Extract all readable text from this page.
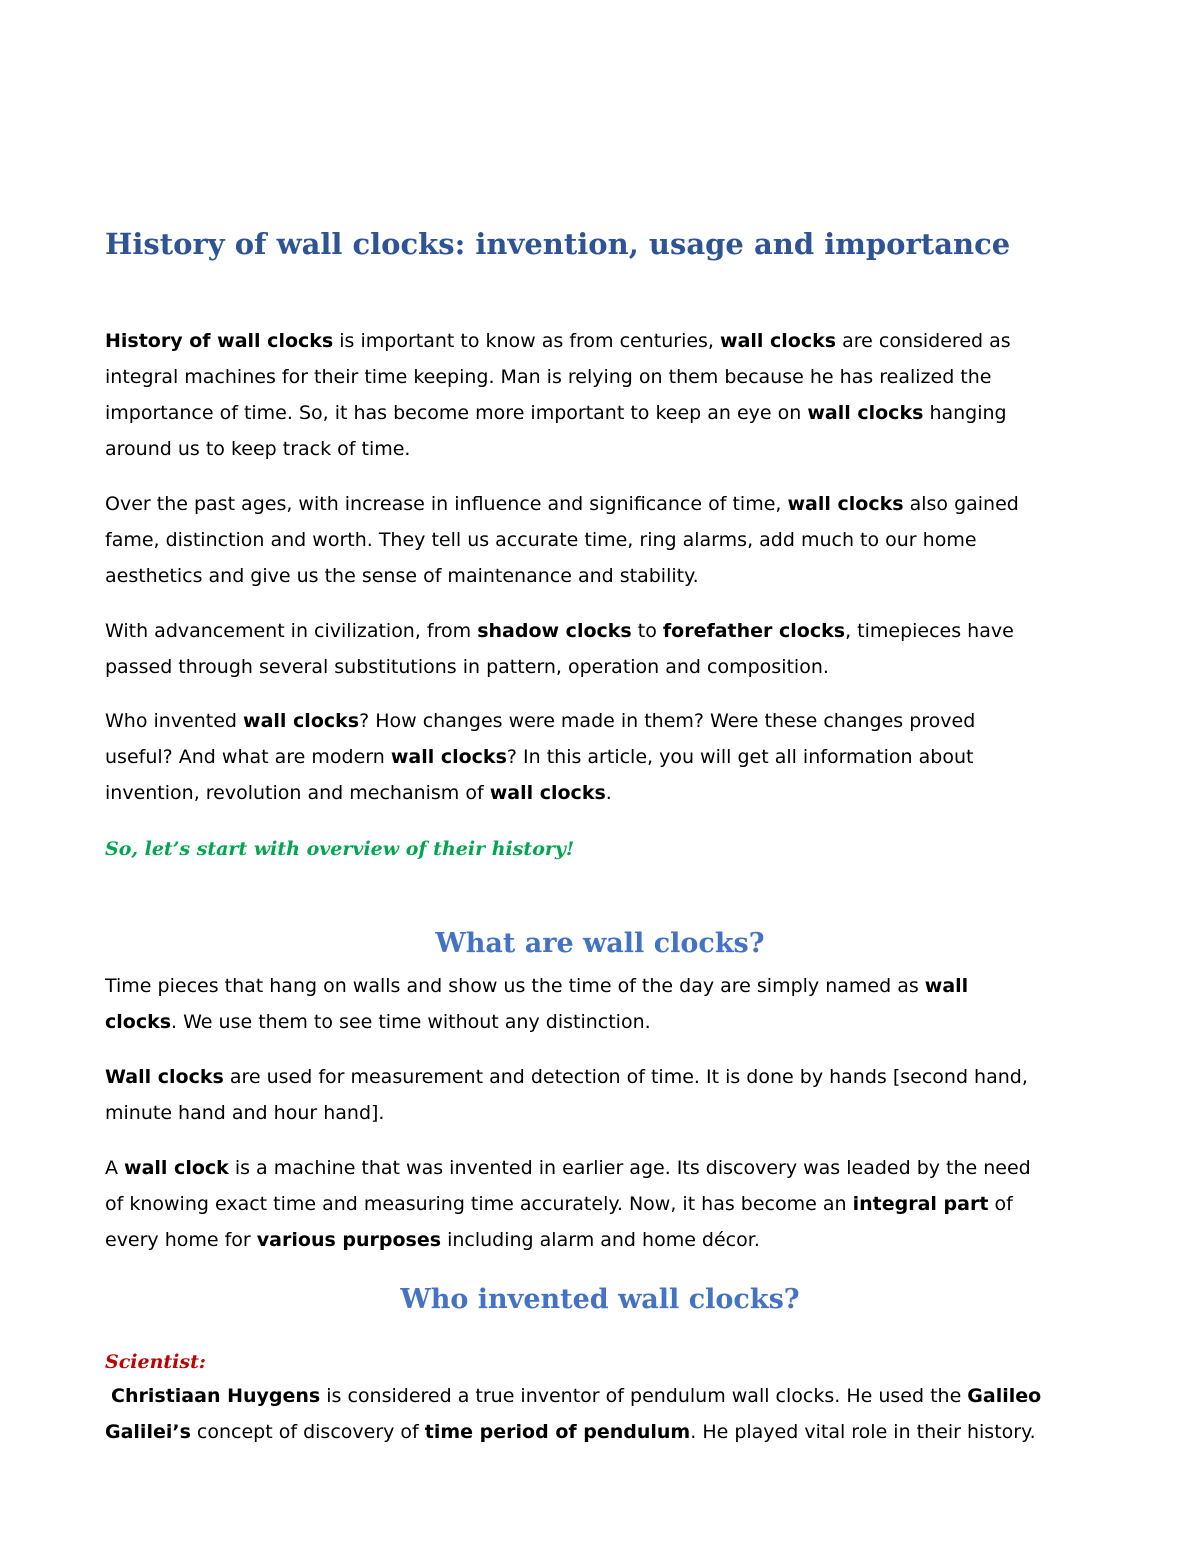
History of wall clocks: invention, usage and importance

History of wall clocks is important to know as from centuries, wall clocks are considered as
integral machines for their time keeping. Man is relying on them because he has realized the
importance of time. So, it has become more important to keep an eye on wall clocks hanging
around us to keep track of time.

Over the past ages, with increase in influence and significance of time, wall clocks also gained
fame, distinction and worth. They tell us accurate time, ring alarms, add much to our home
aesthetics and give us the sense of maintenance and stability.

With advancement in civilization, from shadow clocks to forefather clocks, timepieces have
passed through several substitutions in pattern, operation and composition.

Who invented wall clocks? How changes were made in them? Were these changes proved
useful? And what are modern wall clocks? In this article, you will get all information about
invention, revolution and mechanism of wall clocks.

So, let’s start with overview of their history!

What are wall clocks?

Time pieces that hang on walls and show us the time of the day are simply named as wall
clocks. We use them to see time without any distinction.

Wall clocks are used for measurement and detection of time. It is done by hands [second hand,
minute hand and hour hand].

A wall clock is a machine that was invented in earlier age. Its discovery was leaded by the need
of knowing exact time and measuring time accurately. Now, it has become an integral part of
every home for various purposes including alarm and home décor.

Who invented wall clocks?

Scientist:

Christiaan Huygens is considered a true inventor of pendulum wall clocks. He used the Galileo
Galilei’s concept of discovery of time period of pendulum. He played vital role in their history.
